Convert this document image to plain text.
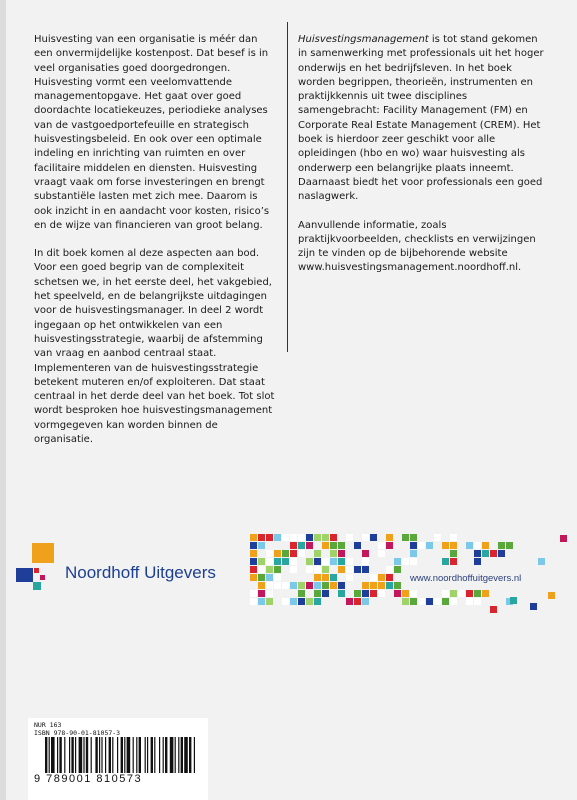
Huisvesting van een organisatie is méér dan een onvermijdelijke kostenpost. Dat besef is in veel organisaties goed doorgedrongen. Huisvesting vormt een veelomvattende managementopgave. Het gaat over goed doordachte locatiekeuzes, periodieke analyses van de vastgoedportefeuille en strategisch huisvestingsbeleid. En ook over een optimale indeling en inrichting van ruimten en over facilitaire middelen en diensten. Huisvesting vraagt vaak om forse investeringen en brengt substantiële lasten met zich mee. Daarom is ook inzicht in en aandacht voor kosten, risico’s en de wijze van financieren van groot belang.

In dit boek komen al deze aspecten aan bod. Voor een goed begrip van de complexiteit schetsen we, in het eerste deel, het vakgebied, het speelveld, en de belangrijkste uitdagingen voor de huisvestingsmanager. In deel 2 wordt ingegaan op het ontwikkelen van een huisvestingsstrategie, waarbij de afstemming van vraag en aanbod centraal staat. Implementeren van de huisvestingsstrategie betekent muteren en/of exploiteren. Dat staat centraal in het derde deel van het boek. Tot slot wordt besproken hoe huisvestingsmanagement vormgegeven kan worden binnen de organisatie.

Huisvestingsmanagement is tot stand gekomen in samenwerking met professionals uit het hoger onderwijs en het bedrijfsleven. In het boek worden begrippen, theorieën, instrumenten en praktijkkennis uit twee disciplines samengebracht: Facility Management (FM) en Corporate Real Estate Management (CREM). Het boek is hierdoor zeer geschikt voor alle opleidingen (hbo en wo) waar huisvesting als onderwerp een belangrijke plaats inneemt. Daarnaast biedt het voor professionals een goed naslagwerk.

Aanvullende informatie, zoals praktijkvoorbeelden, checklists en verwijzingen zijn te vinden op de bijbehorende website www.huisvestingsmanagement.noordhoff.nl.

Noordhoff Uitgevers	www.noordhoffuitgevers.nl
NUR 163
ISBN 978-90-01-81057-3
9 789001 810573
